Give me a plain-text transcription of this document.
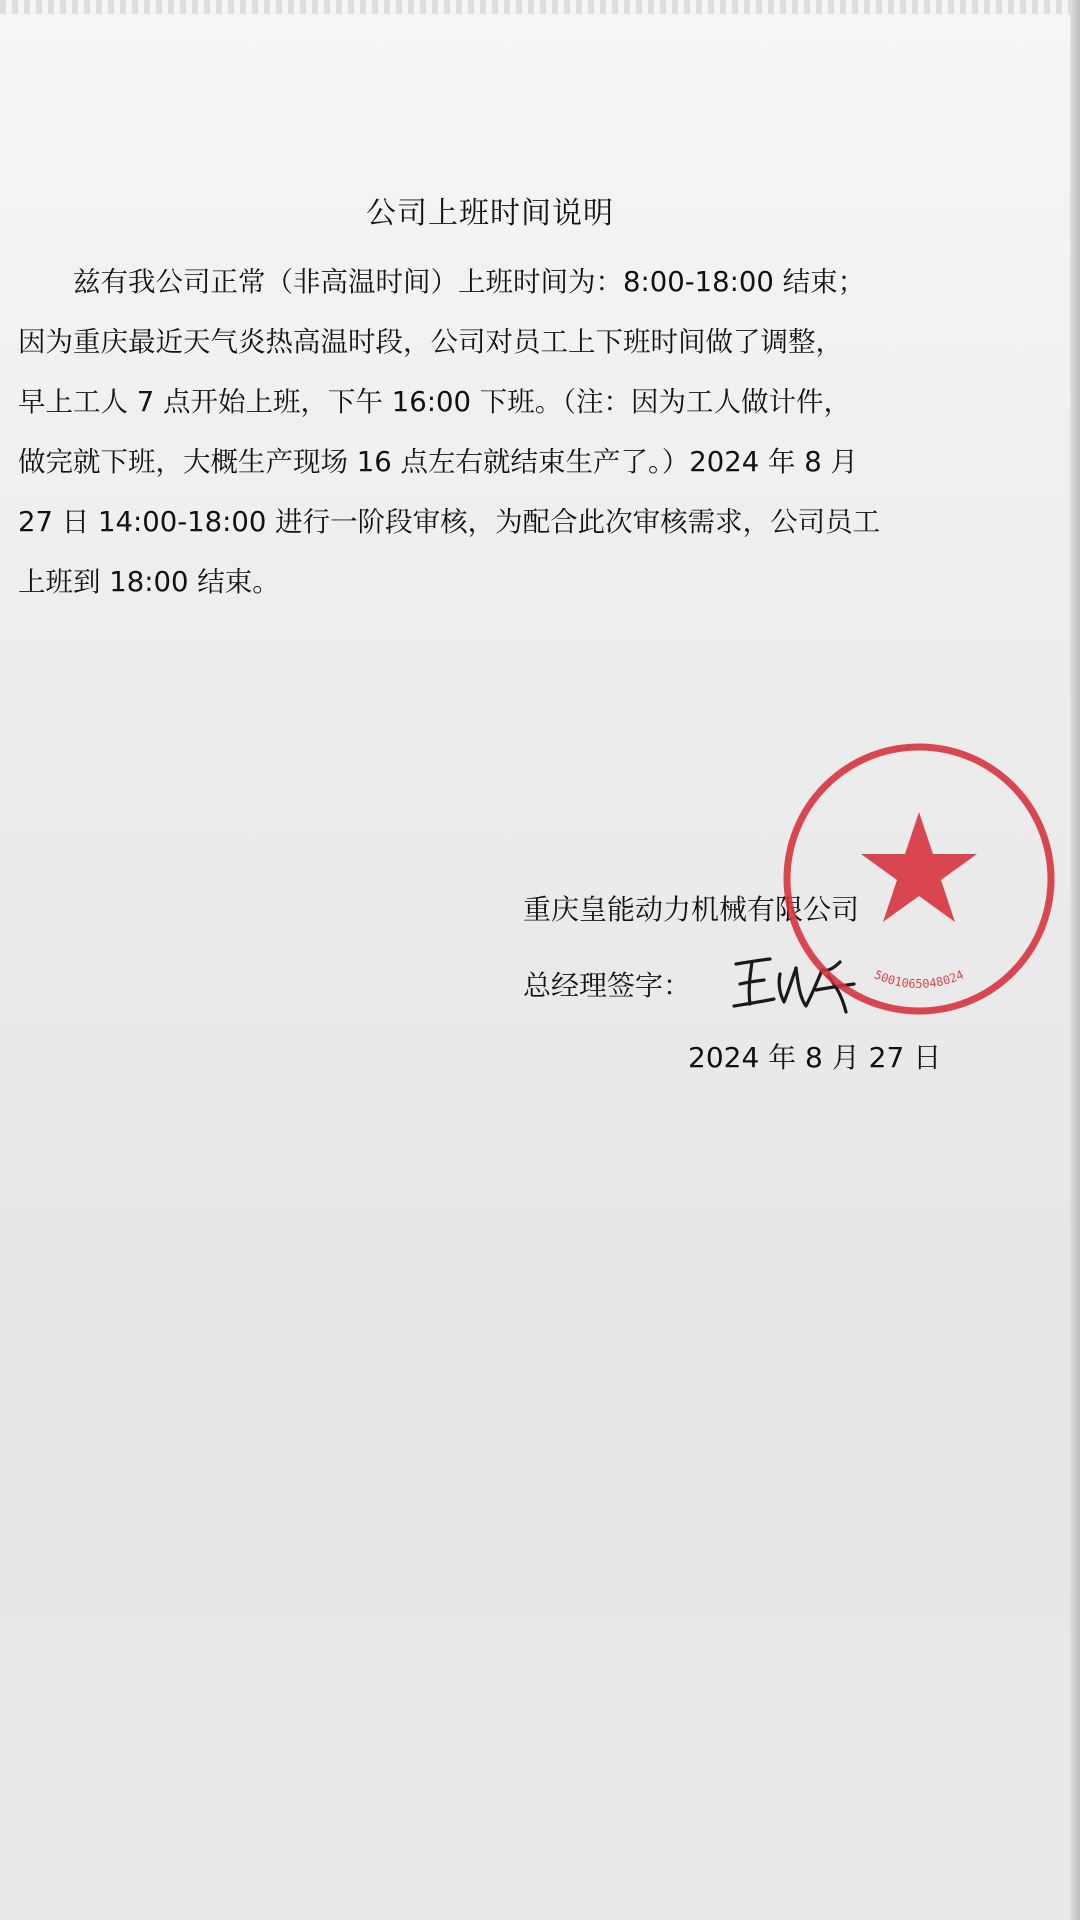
公司上班时间说明
　　兹有我公司正常（非高温时间）上班时间为：8:00-18:00 结束；
因为重庆最近天气炎热高温时段，公司对员工上下班时间做了调整，
早上工人 7 点开始上班，下午 16:00 下班。（注：因为工人做计件，
做完就下班，大概生产现场 16 点左右就结束生产了。）2024 年 8 月
27 日 14:00-18:00 进行一阶段审核，为配合此次审核需求，公司员工
上班到 18:00 结束。
重庆皇能动力机械有限公司
总经理签字：
2024 年 8 月 27 日
5001065048024
